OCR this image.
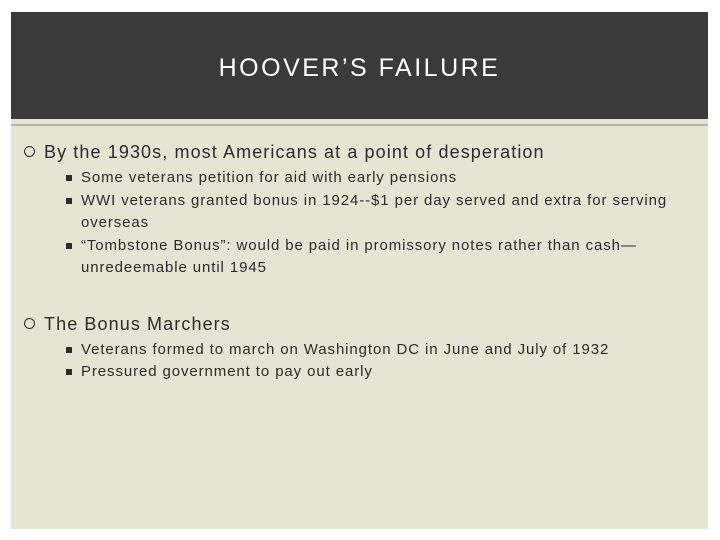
HOOVER’S FAILURE
By the 1930s, most Americans at a point of desperation
Some veterans petition for aid with early pensions
WWI veterans granted bonus in 1924--$1 per day served and extra for serving overseas
“Tombstone Bonus”: would be paid in promissory notes rather than cash—unredeemable until 1945
The Bonus Marchers
Veterans formed to march on Washington DC in June and July of 1932
Pressured government to pay out early
